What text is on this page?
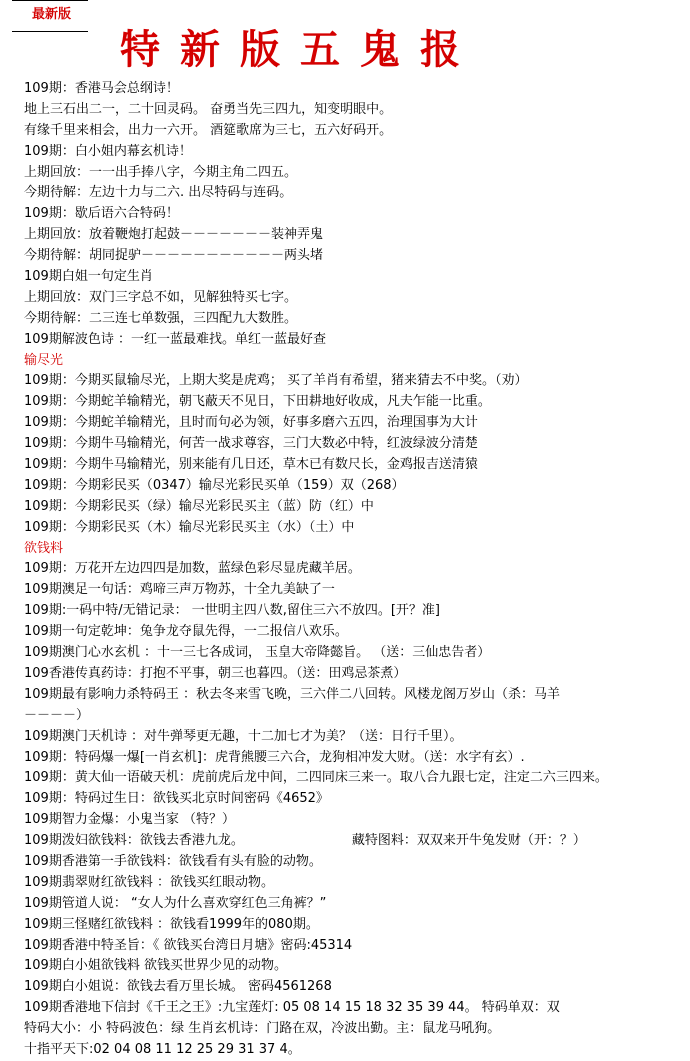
最新版
特新版五鬼报
109期：香港马会总纲诗！
地上三石出二一，二十回灵码。 奋勇当先三四九，知变明眼中。
有缘千里来相会，出力一六开。 酒筵歌席为三七，五六好码开。
109期：白小姐内幕玄机诗！
上期回放：一一出手捧八字，今期主角二四五。
今期待解：左边十力与二六. 出尽特码与连码。
109期：歇后语六合特码！
上期回放：放着鞭炮打起鼓－－－－－－－装神弄鬼
今期待解：胡同捉驴－－－－－－－－－－－两头堵
109期白姐一句定生肖
上期回放：双门三字总不如，见解独特买七字。
今期待解：二三连七单数强，三四配九大数胜。
109期解波色诗 ：一红一蓝最难找。单红一蓝最好查
输尽光
109期：今期买鼠输尽光，上期大奖是虎鸡； 买了羊肖有希望，猪来猜去不中奖。（劝）
109期：今期蛇羊输精光，朝飞蔽天不见日，下田耕地好收成，凡夫乍能一比重。
109期：今期蛇羊输精光，且时而句必为领，好事多磨六五四，治理国事为大计
109期：今期牛马输精光，何苦一战求尊容，三门大数必中特，红波绿波分清楚
109期：今期牛马输精光，别来能有几日还，草木已有数尺长，金鸡报吉送清猿
109期：今期彩民买（0347）输尽光彩民买单（159）双（268）
109期：今期彩民买（绿）输尽光彩民买主（蓝）防（红）中
109期：今期彩民买（木）输尽光彩民买主（水）（土）中
欲钱料
109期：万花开左边四四是加数，蓝绿色彩尽显虎藏羊居。
109期澳足一句话：鸡啼三声万物苏，十全九美缺了一
109期:一码中特/无错记录： 一世明主四八数,留住三六不放四。[开？准]
109期一句定乾坤：兔争龙夺鼠先得，一二报信八欢乐。
109期澳门心水玄机 ：十一三七各成词， 玉皇大帝降懿旨。 （送：三仙忠告者）
109香港传真药诗：打抱不平事，朝三也暮四。（送：田鸡忌茶煮）
109期最有影响力杀特码王 ：秋去冬来雪飞晚，三六伴二八回转。风楼龙阁万岁山（杀：马羊
－－－－）
109期澳门天机诗 ：对牛弹琴更无趣，十二加七才为美？（送：日行千里）。
109期：特码爆一爆[一肖玄机]：虎背熊腰三六合，龙狗相冲发大财。（送：水字有玄）.
109期：黄大仙一语破天机：虎前虎后龙中间，二四同床三来一。取八合九跟七定，注定二六三四来。
109期：特码过生日：欲钱买北京时间密码《4652》
109期智力金爆：小鬼当家 （特？）
109期泼妇欲钱料：欲钱去香港九龙。	藏特图料：双双来开牛兔发财（开：？）
109期香港第一手欲钱料：欲钱看有头有脸的动物。
109期翡翠财红欲钱料 ：欲钱买红眼动物。
109期管道人说： “女人为什么喜欢穿红色三角裤？”
109期三怪赌红欲钱料 ：欲钱看1999年的080期。
109期香港中特圣旨：《 欲钱买台湾日月塘》密码:45314
109期白小姐欲钱料 欲钱买世界少见的动物。
109期白小姐说：欲钱去看万里长城。 密码4561268
109期香港地下信封《千王之王》:九宝莲灯: 05 08 14 15 18 32 35 39 44。 特码单双：双
特码大小：小 特码波色：绿 生肖玄机诗：门路在双，冷波出勤。主：鼠龙马吼狗。
十指平天下:02 04 08 11 12 25 29 31 37 4。
